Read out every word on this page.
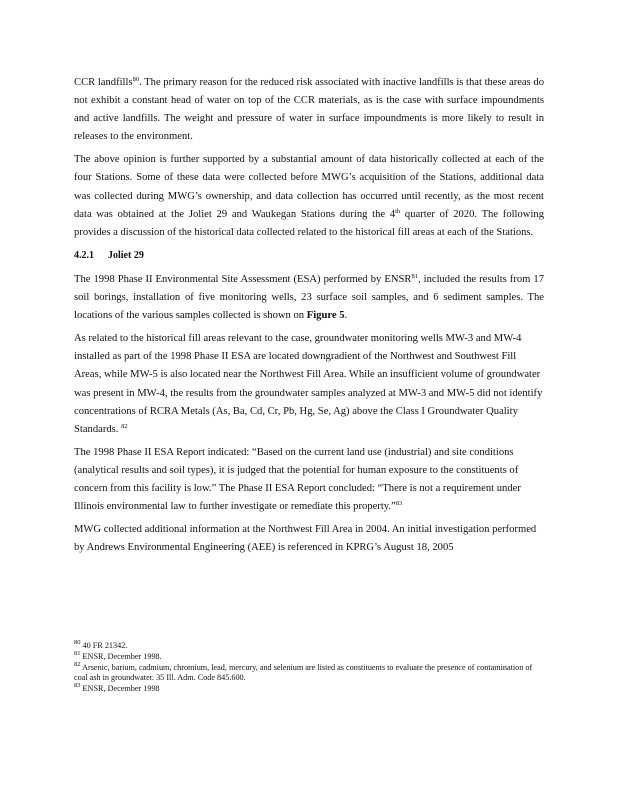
CCR landfills$^{80}$. The primary reason for the reduced risk associated with inactive landfills is that these areas do not exhibit a constant head of water on top of the CCR materials, as is the case with surface impoundments and active landfills. The weight and pressure of water in surface impoundments is more likely to result in releases to the environment.

The above opinion is further supported by a substantial amount of data historically collected at each of the four Stations. Some of these data were collected before MWG’s acquisition of the Stations, additional data was collected during MWG’s ownership, and data collection has occurred until recently, as the most recent data was obtained at the Joliet 29 and Waukegan Stations during the 4th quarter of 2020. The following provides a discussion of the historical data collected related to the historical fill areas at each of the Stations.

4.2.1 Joliet 29

The 1998 Phase II Environmental Site Assessment (ESA) performed by ENSR$^{81}$, included the results from 17 soil borings, installation of five monitoring wells, 23 surface soil samples, and 6 sediment samples. The locations of the various samples collected is shown on Figure 5.

As related to the historical fill areas relevant to the case, groundwater monitoring wells MW-3 and MW-4 installed as part of the 1998 Phase II ESA are located downgradient of the Northwest and Southwest Fill Areas, while MW-5 is also located near the Northwest Fill Area. While an insufficient volume of groundwater was present in MW-4, the results from the groundwater samples analyzed at MW-3 and MW-5 did not identify concentrations of RCRA Metals (As, Ba, Cd, Cr, Pb, Hg, Se, Ag) above the Class I Groundwater Quality Standards. $^{82}$

The 1998 Phase II ESA Report indicated: “Based on the current land use (industrial) and site conditions (analytical results and soil types), it is judged that the potential for human exposure to the constituents of concern from this facility is low.” The Phase II ESA Report concluded: “There is not a requirement under Illinois environmental law to further investigate or remediate this property.”$^{83}$

MWG collected additional information at the Northwest Fill Area in 2004. An initial investigation performed by Andrews Environmental Engineering (AEE) is referenced in KPRG’s August 18, 2005

$^{80}$ 40 FR 21342.

$^{81}$ ENSR, December 1998.

$^{82}$ Arsenic, barium, cadmium, chromium, lead, mercury, and selenium are listed as constituents to evaluate the presence of contamination of coal ash in groundwater. 35 Ill. Adm. Code 845.600.

$^{83}$ ENSR, December 1998
